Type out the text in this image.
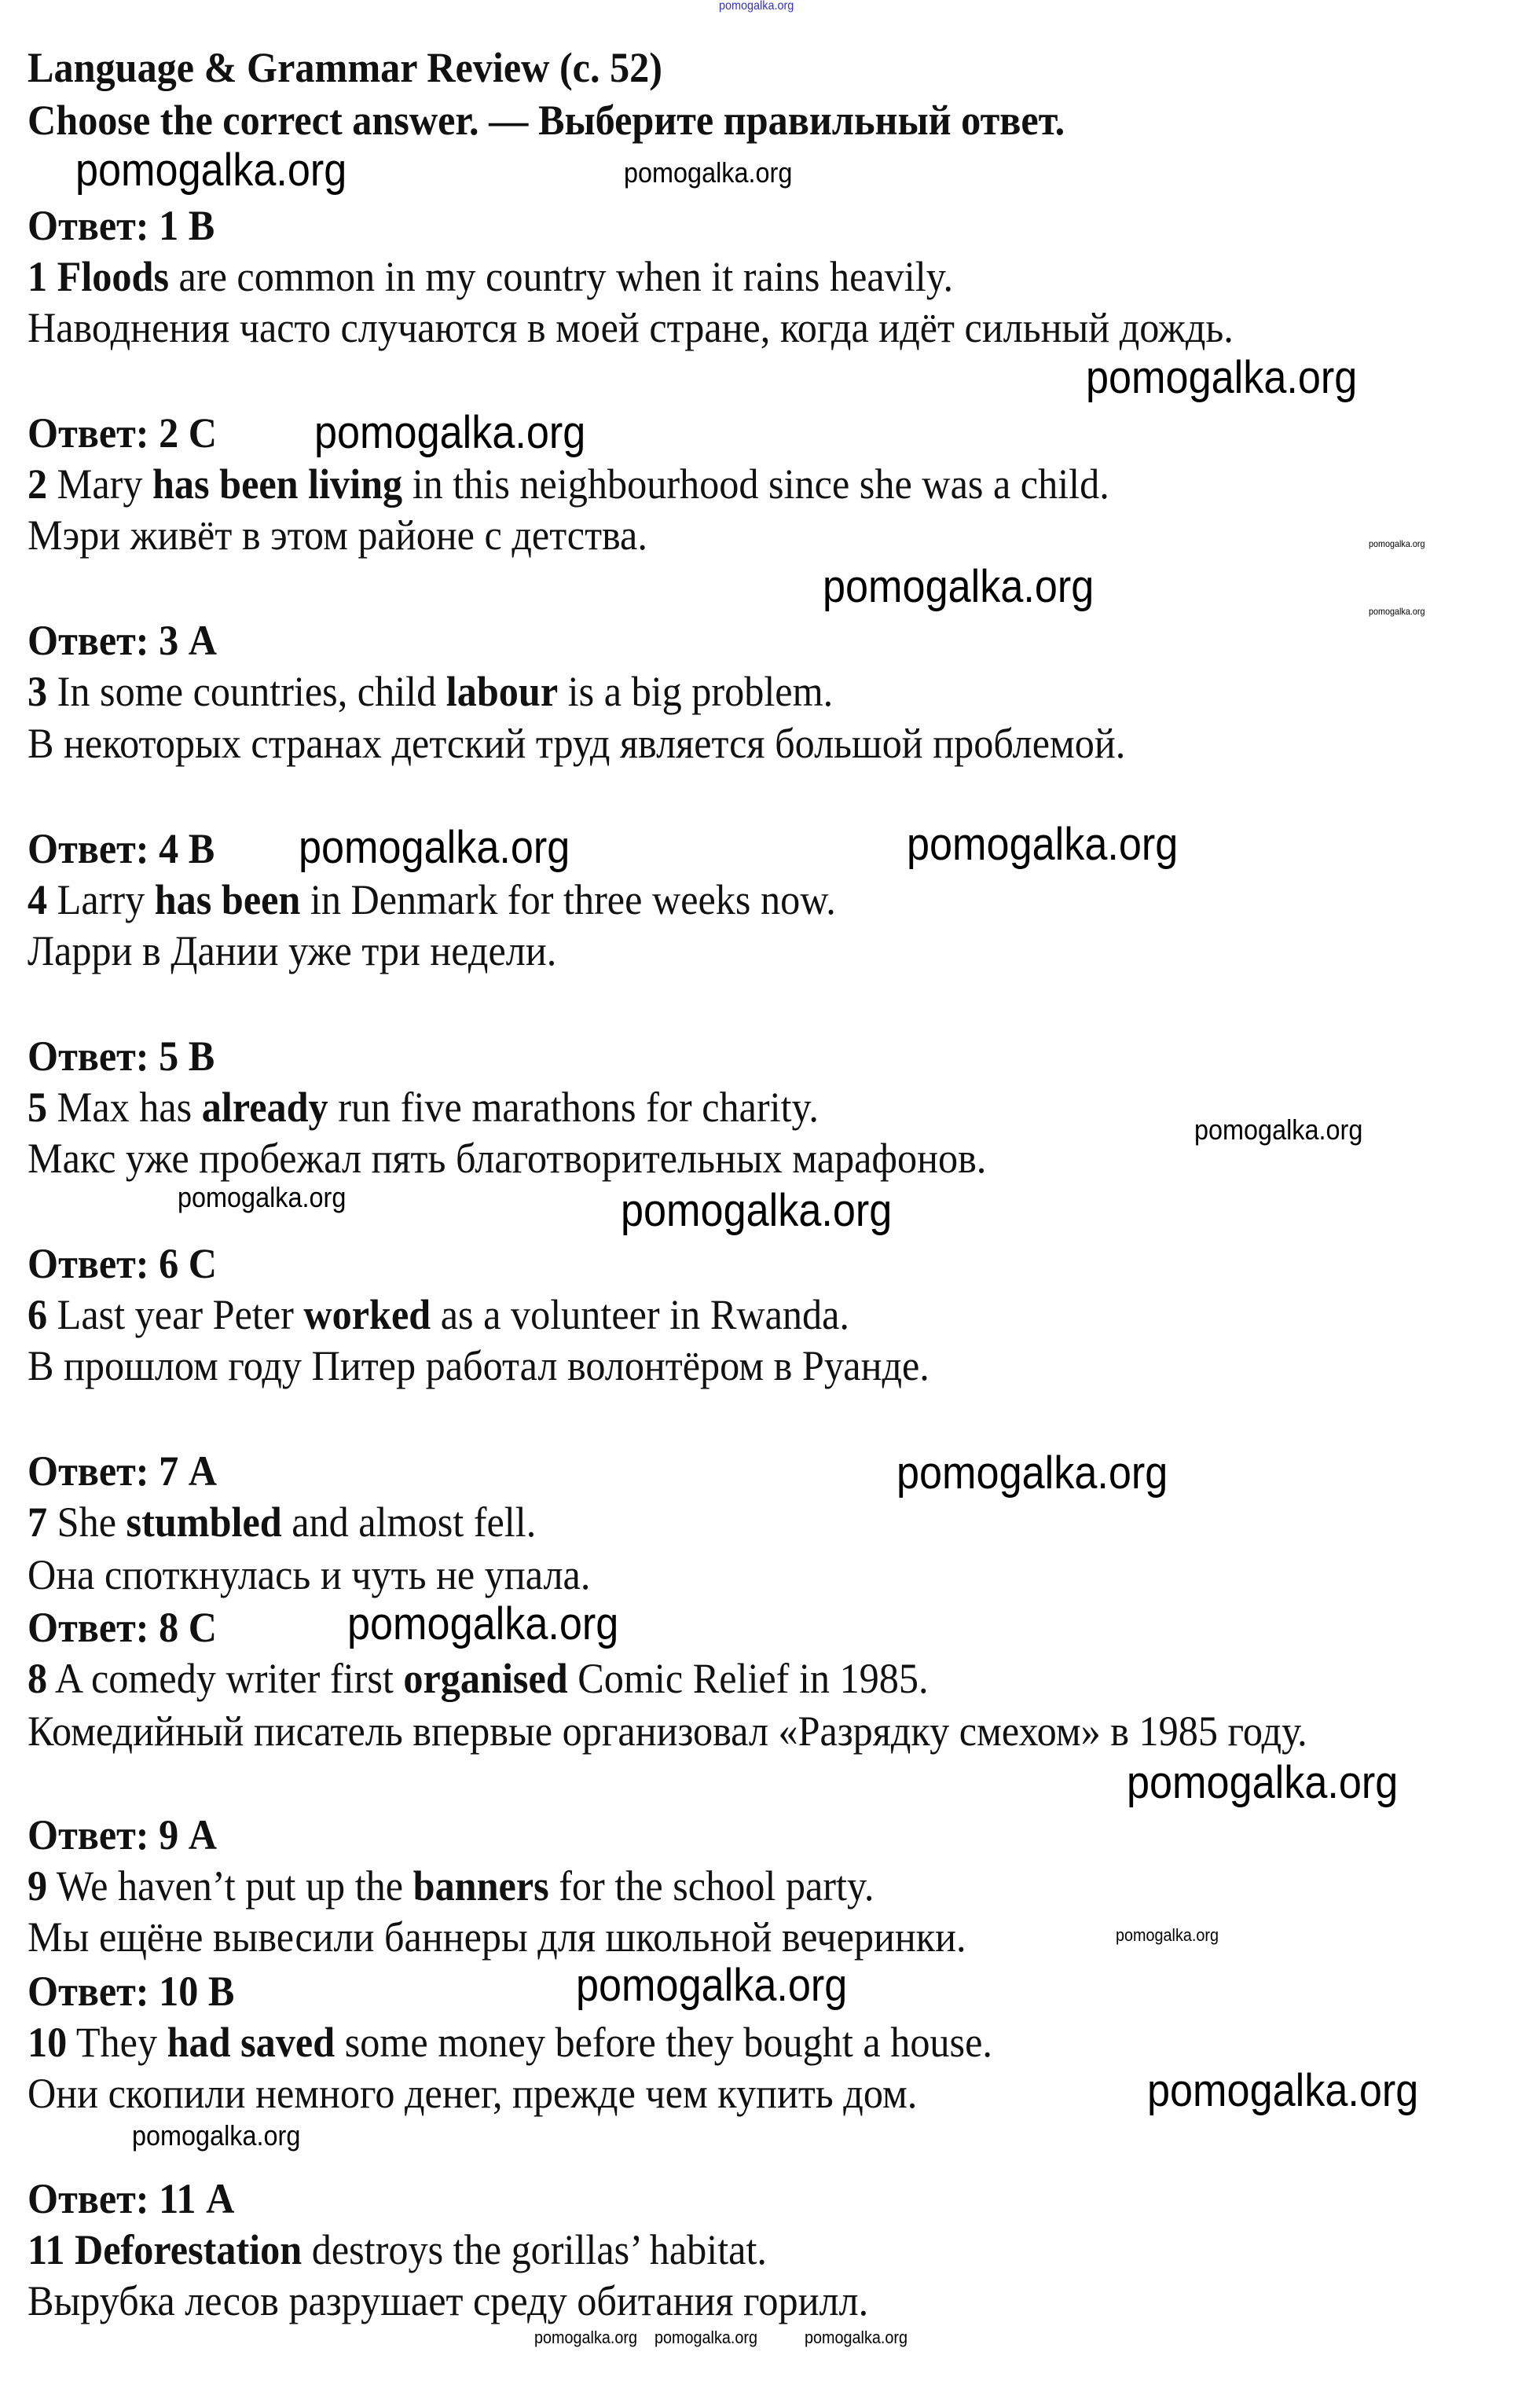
pomogalka.org
Language & Grammar Review (c. 52)
Choose the correct answer. — Выберите правильный ответ.
Ответ: 1 B
1 Floods are common in my country when it rains heavily.
Наводнения часто случаются в моей стране, когда идёт сильный дождь.
Ответ: 2 C
2 Mary has been living in this neighbourhood since she was a child.
Мэри живёт в этом районе с детства.
Ответ: 3 A
3 In some countries, child labour is a big problem.
В некоторых странах детский труд является большой проблемой.
Ответ: 4 B
4 Larry has been in Denmark for three weeks now.
Ларри в Дании уже три недели.
Ответ: 5 B
5 Max has already run five marathons for charity.
Макс уже пробежал пять благотворительных марафонов.
Ответ: 6 C
6 Last year Peter worked as a volunteer in Rwanda.
В прошлом году Питер работал волонтёром в Руанде.
Ответ: 7 A
7 She stumbled and almost fell.
Она споткнулась и чуть не упала.
Ответ: 8 C
8 A comedy writer first organised Comic Relief in 1985.
Комедийный писатель впервые организовал «Разрядку смехом» в 1985 году.
Ответ: 9 A
9 We haven’t put up the banners for the school party.
Мы ещёне вывесили баннеры для школьной вечеринки.
Ответ: 10 B
10 They had saved some money before they bought a house.
Они скопили немного денег, прежде чем купить дом.
Ответ: 11 A
11 Deforestation destroys the gorillas’ habitat.
Вырубка лесов разрушает среду обитания горилл.
pomogalka.org	pomogalka.org
pomogalka.org
pomogalka.org
pomogalka.org
pomogalka.org
pomogalka.org
pomogalka.org	pomogalka.org
pomogalka.org
pomogalka.org
pomogalka.org
pomogalka.org
pomogalka.org
pomogalka.org
pomogalka.org
pomogalka.org
pomogalka.org
pomogalka.org
pomogalka.org pomogalka.org	pomogalka.org
